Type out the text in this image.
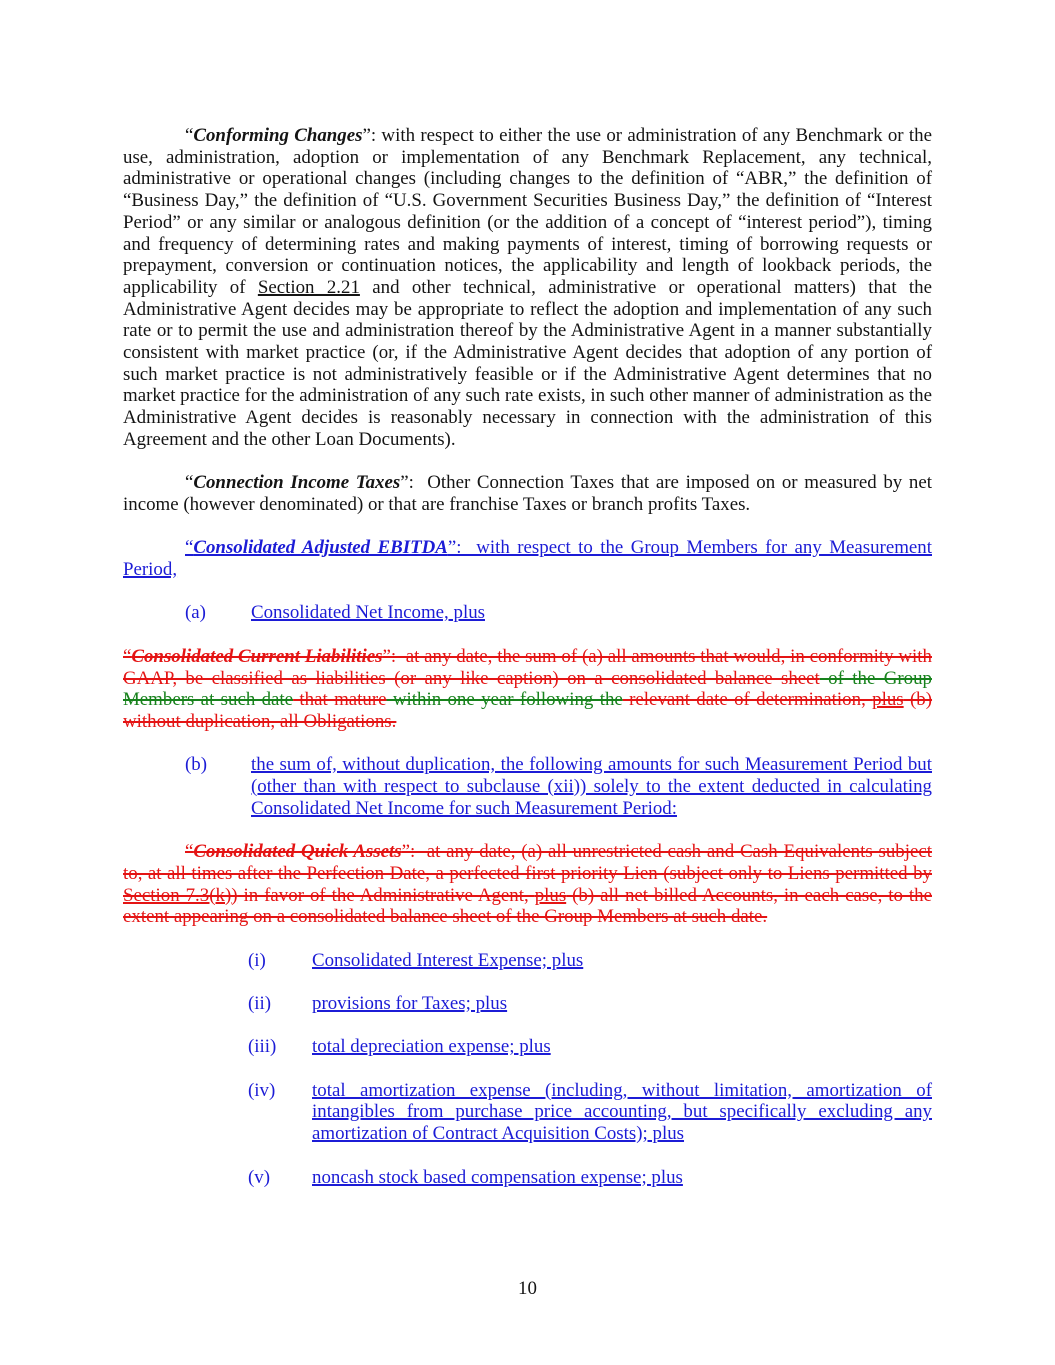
“Conforming Changes”: with respect to either the use or administration of any Benchmark or the use, administration, adoption or implementation of any Benchmark Replacement, any technical, administrative or operational changes (including changes to the definition of “ABR,” the definition of “Business Day,” the definition of “U.S. Government Securities Business Day,” the definition of “Interest Period” or any similar or analogous definition (or the addition of a concept of “interest period”), timing and frequency of determining rates and making payments of interest, timing of borrowing requests or prepayment, conversion or continuation notices, the applicability and length of lookback periods, the applicability of Section 2.21 and other technical, administrative or operational matters) that the Administrative Agent decides may be appropriate to reflect the adoption and implementation of any such rate or to permit the use and administration thereof by the Administrative Agent in a manner substantially consistent with market practice (or, if the Administrative Agent decides that adoption of any portion of such market practice is not administratively feasible or if the Administrative Agent determines that no market practice for the administration of any such rate exists, in such other manner of administration as the Administrative Agent decides is reasonably necessary in connection with the administration of this Agreement and the other Loan Documents).

“Connection Income Taxes”:  Other Connection Taxes that are imposed on or measured by net income (however denominated) or that are franchise Taxes or branch profits Taxes.

“Consolidated Adjusted EBITDA”:  with respect to the Group Members for any Measurement Period,

(a) Consolidated Net Income, plus

“Consolidated Current Liabilities”:  at any date, the sum of (a) all amounts that would, in conformity with GAAP, be classified as liabilities (or any like caption) on a consolidated balance sheet of the Group Members at such date that mature within one year following the relevant date of determination, plus (b) without duplication, all Obligations.

(b) the sum of, without duplication, the following amounts for such Measurement Period but (other than with respect to subclause (xii)) solely to the extent deducted in calculating Consolidated Net Income for such Measurement Period:

“Consolidated Quick Assets”:  at any date, (a) all unrestricted cash and Cash Equivalents subject to, at all times after the Perfection Date, a perfected first priority Lien (subject only to Liens permitted by Section 7.3(k)) in favor of the Administrative Agent, plus (b) all net billed Accounts, in each case, to the extent appearing on a consolidated balance sheet of the Group Members at such date.

(i) Consolidated Interest Expense; plus

(ii) provisions for Taxes; plus

(iii) total depreciation expense; plus

(iv) total amortization expense (including, without limitation, amortization of intangibles from purchase price accounting, but specifically excluding any amortization of Contract Acquisition Costs); plus

(v) noncash stock based compensation expense; plus

10
